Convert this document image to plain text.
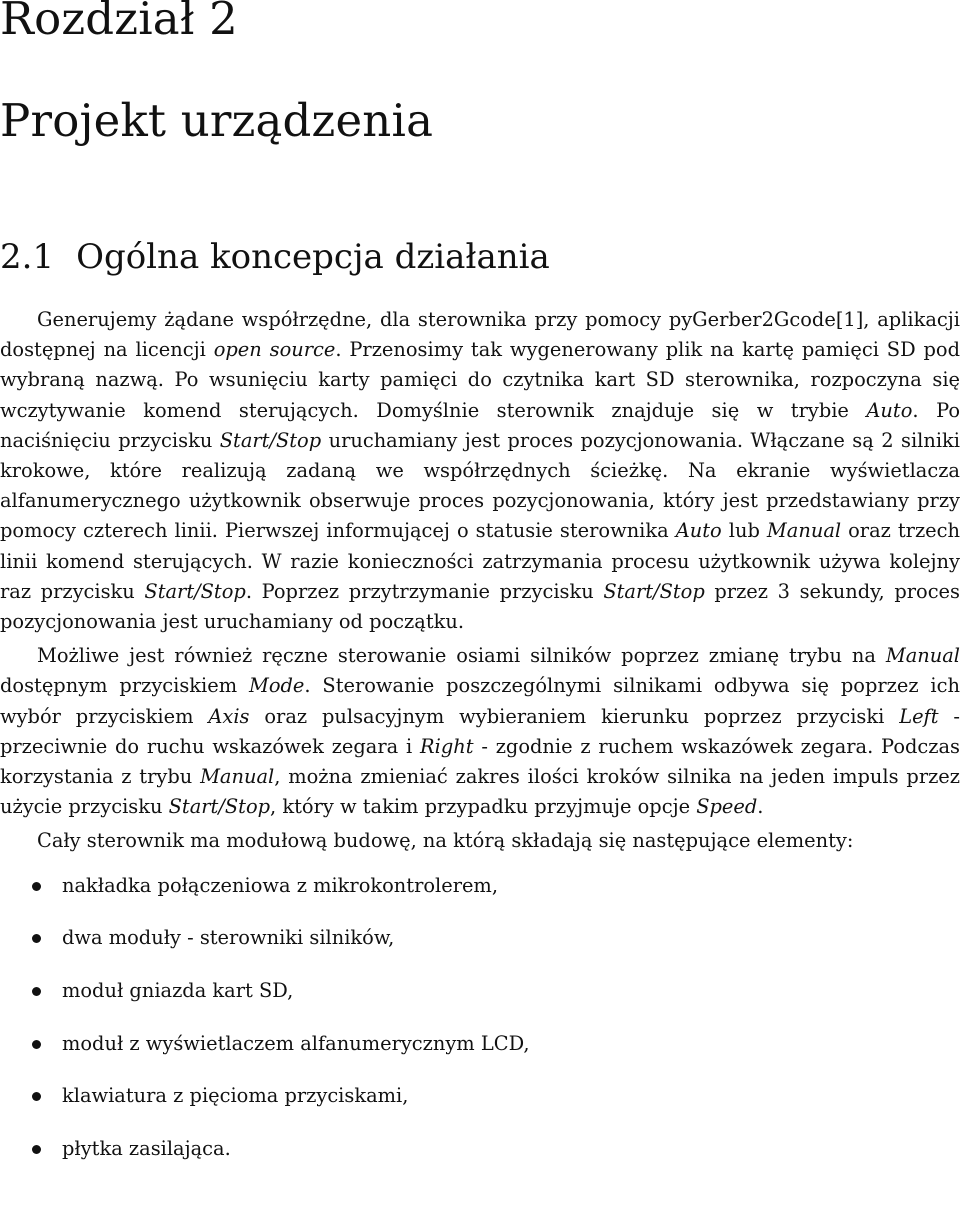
Rozdział 2
Projekt urządzenia
2.1 Ogólna koncepcja działania

Generujemy żądane współrzędne, dla sterownika przy pomocy pyGerber2Gcode[1], aplikacji dostępnej na licencji open source. Przenosimy tak wygenerowany plik na kartę pamięci SD pod wybraną nazwą. Po wsunięciu karty pamięci do czytnika kart SD sterownika, rozpoczyna się wczytywanie komend sterujących. Domyślnie sterownik znajduje się w trybie Auto. Po naciśnięciu przycisku Start/Stop uruchamiany jest proces pozycjonowania. Włączane są 2 silniki krokowe, które realizują zadaną we współrzędnych ścieżkę. Na ekranie wyświetlacza alfanumerycznego użytkownik obserwuje proces pozycjonowania, który jest przedstawiany przy pomocy czterech linii. Pierwszej informującej o statusie sterownika Auto lub Manual oraz trzech linii komend sterujących. W razie konieczności zatrzymania procesu użytkownik używa kolejny raz przycisku Start/Stop. Poprzez przytrzymanie przycisku Start/Stop przez 3 sekundy, proces pozycjonowania jest uruchamiany od początku.

Możliwe jest również ręczne sterowanie osiami silników poprzez zmianę trybu na Manual dostępnym przyciskiem Mode. Sterowanie poszczególnymi silnikami odbywa się poprzez ich wybór przyciskiem Axis oraz pulsacyjnym wybieraniem kierunku poprzez przyciski Left - przeciwnie do ruchu wskazówek zegara i Right - zgodnie z ruchem wskazówek zegara. Podczas korzystania z trybu Manual, można zmieniać zakres ilości kroków silnika na jeden impuls przez użycie przycisku Start/Stop, który w takim przypadku przyjmuje opcje Speed.

Cały sterownik ma modułową budowę, na którą składają się następujące elementy:

nakładka połączeniowa z mikrokontrolerem,
dwa moduły - sterowniki silników,
moduł gniazda kart SD,
moduł z wyświetlaczem alfanumerycznym LCD,
klawiatura z pięcioma przyciskami,
płytka zasilająca.
